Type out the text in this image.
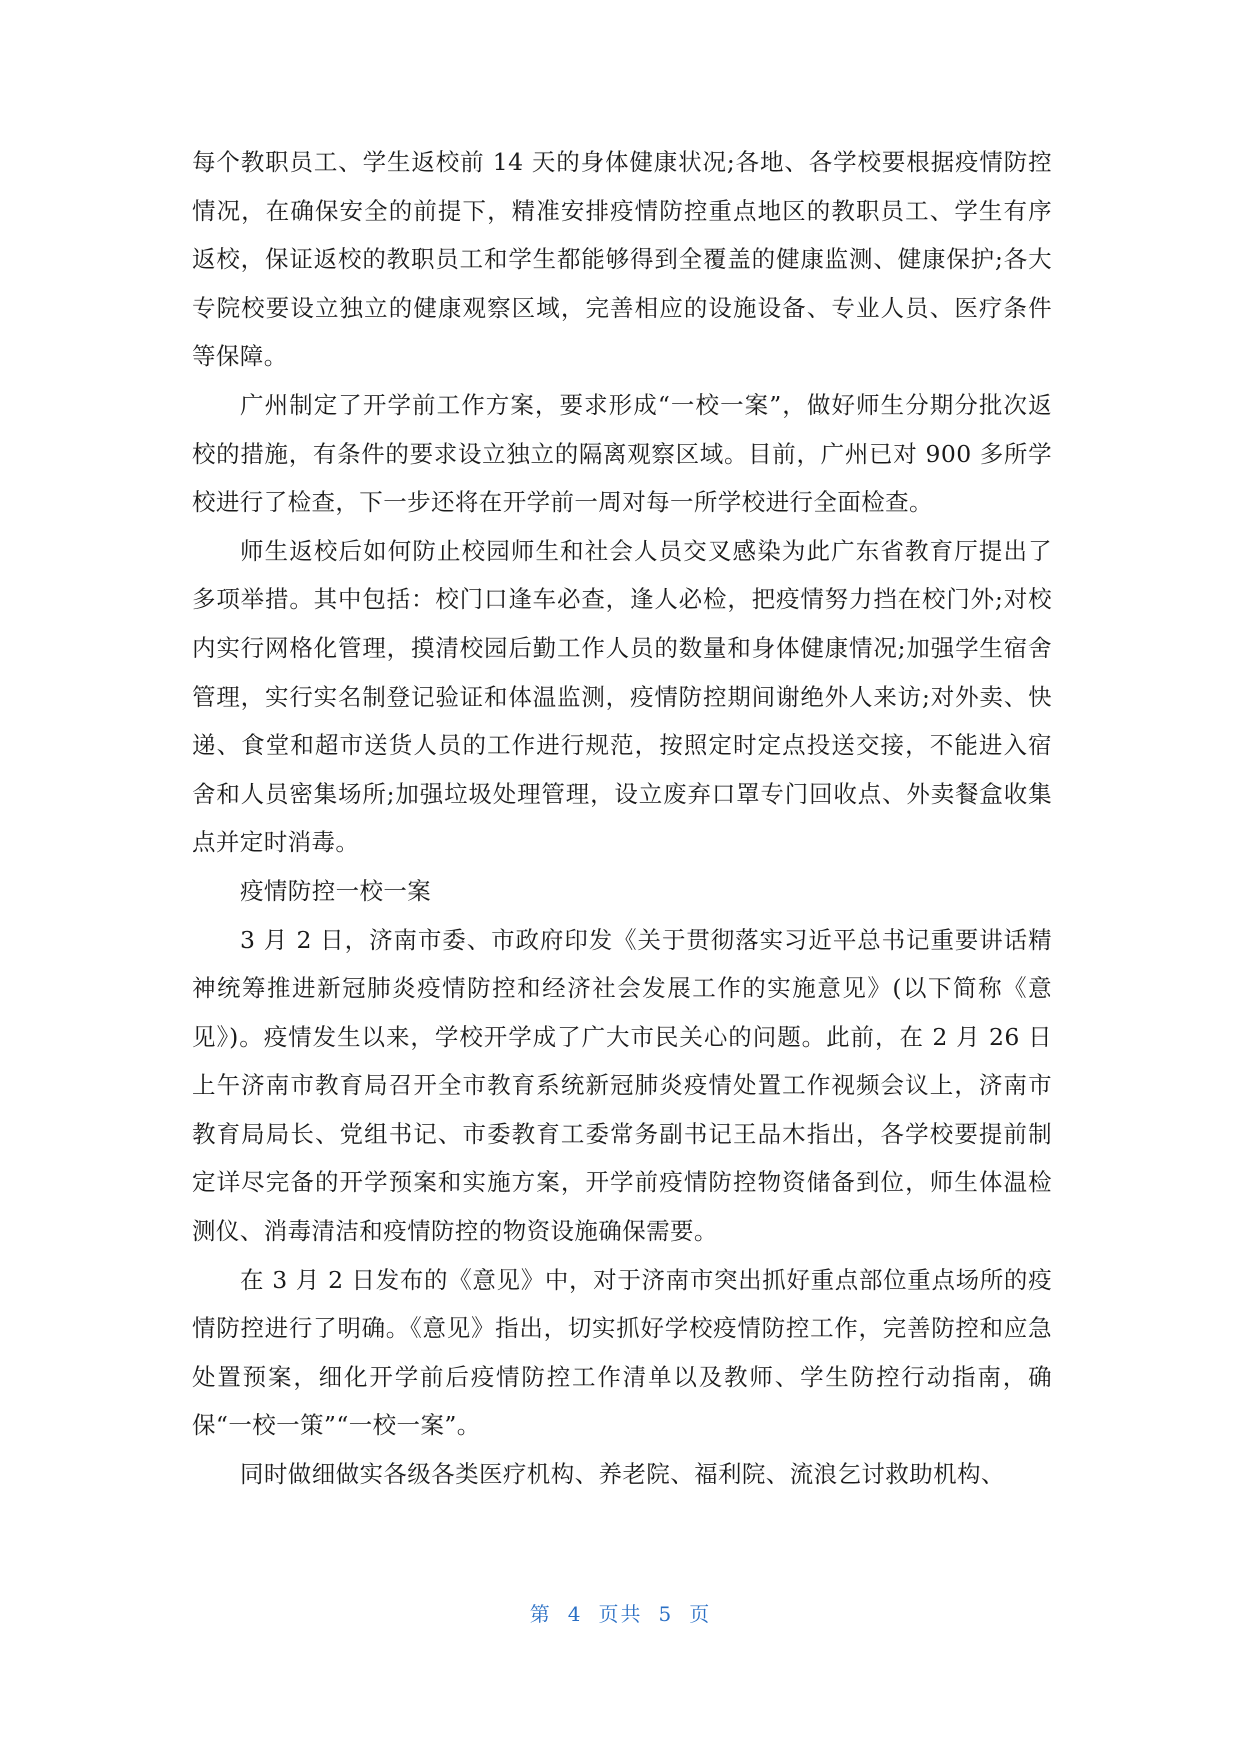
每个教职员工、学生返校前 14 天的身体健康状况;各地、各学校要根据疫情防控情况，在确保安全的前提下，精准安排疫情防控重点地区的教职员工、学生有序返校，保证返校的教职员工和学生都能够得到全覆盖的健康监测、健康保护;各大专院校要设立独立的健康观察区域，完善相应的设施设备、专业人员、医疗条件等保障。

广州制定了开学前工作方案，要求形成“一校一案”，做好师生分期分批次返校的措施，有条件的要求设立独立的隔离观察区域。目前，广州已对 900 多所学校进行了检查，下一步还将在开学前一周对每一所学校进行全面检查。

师生返校后如何防止校园师生和社会人员交叉感染为此广东省教育厅提出了多项举措。其中包括：校门口逢车必查，逢人必检，把疫情努力挡在校门外;对校内实行网格化管理，摸清校园后勤工作人员的数量和身体健康情况;加强学生宿舍管理，实行实名制登记验证和体温监测，疫情防控期间谢绝外人来访;对外卖、快递、食堂和超市送货人员的工作进行规范，按照定时定点投送交接，不能进入宿舍和人员密集场所;加强垃圾处理管理，设立废弃口罩专门回收点、外卖餐盒收集点并定时消毒。

疫情防控一校一案

3 月 2 日，济南市委、市政府印发《关于贯彻落实习近平总书记重要讲话精神统筹推进新冠肺炎疫情防控和经济社会发展工作的实施意见》(以下简称《意见》)。疫情发生以来，学校开学成了广大市民关心的问题。此前，在 2 月 26 日上午济南市教育局召开全市教育系统新冠肺炎疫情处置工作视频会议上，济南市教育局局长、党组书记、市委教育工委常务副书记王品木指出，各学校要提前制定详尽完备的开学预案和实施方案，开学前疫情防控物资储备到位，师生体温检测仪、消毒清洁和疫情防控的物资设施确保需要。

在 3 月 2 日发布的《意见》中，对于济南市突出抓好重点部位重点场所的疫情防控进行了明确。《意见》指出，切实抓好学校疫情防控工作，完善防控和应急处置预案，细化开学前后疫情防控工作清单以及教师、学生防控行动指南，确保“一校一策”“一校一案”。

同时做细做实各级各类医疗机构、养老院、福利院、流浪乞讨救助机构、

第 4 页共 5 页
